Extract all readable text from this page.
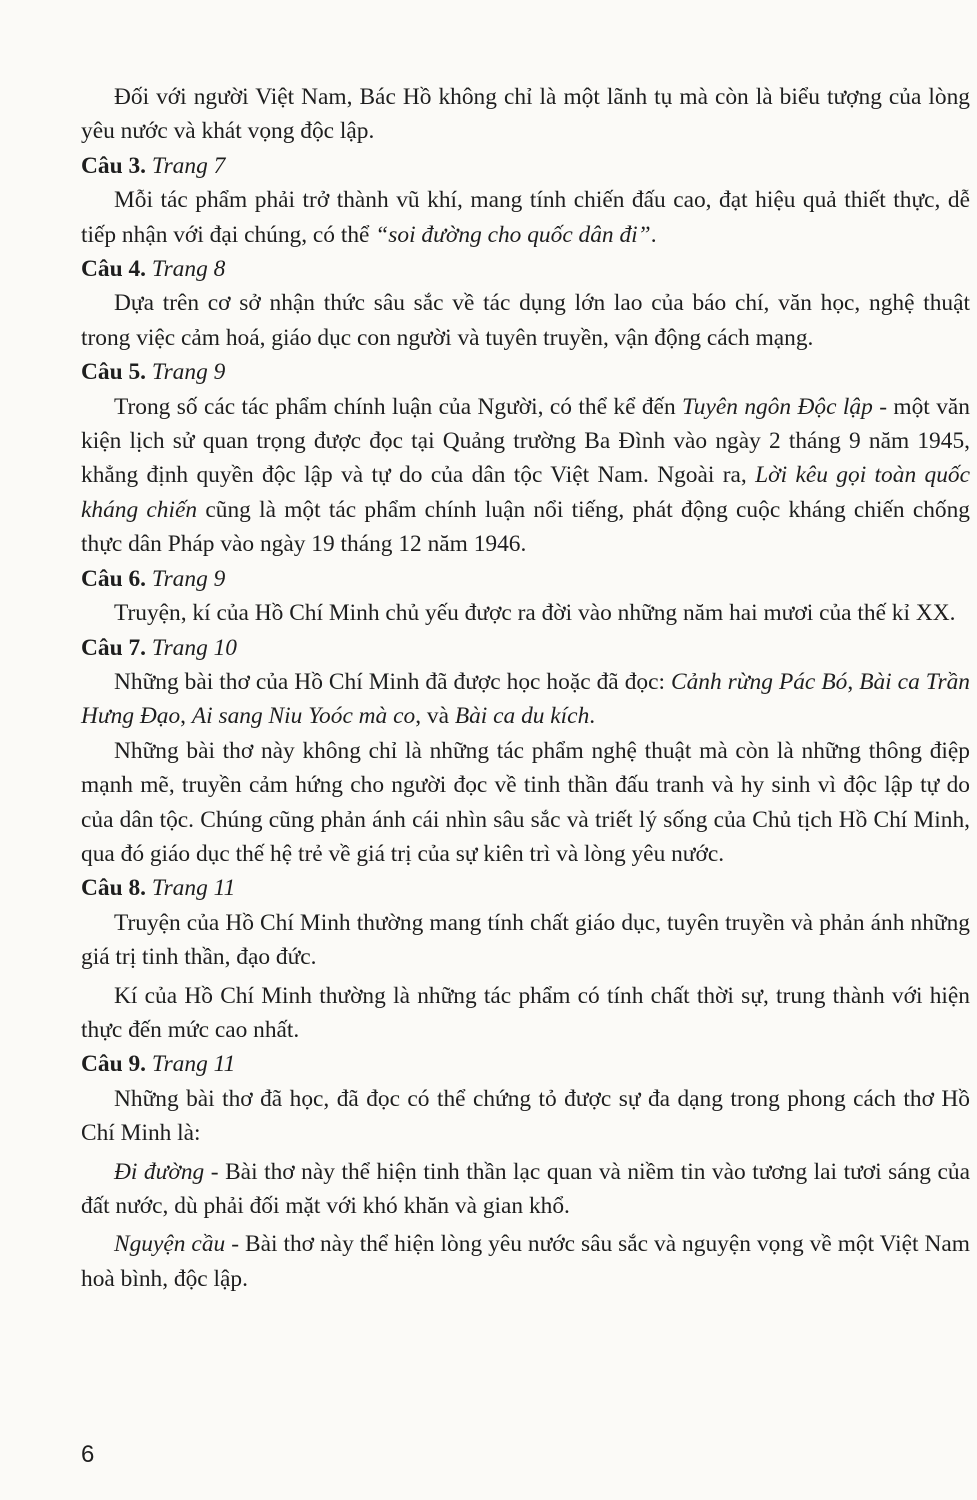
Đối với người Việt Nam, Bác Hồ không chỉ là một lãnh tụ mà còn là biểu tượng của lòng yêu nước và khát vọng độc lập.

Câu 3. Trang 7

Mỗi tác phẩm phải trở thành vũ khí, mang tính chiến đấu cao, đạt hiệu quả thiết thực, dễ tiếp nhận với đại chúng, có thể “soi đường cho quốc dân đi”.

Câu 4. Trang 8

Dựa trên cơ sở nhận thức sâu sắc về tác dụng lớn lao của báo chí, văn học, nghệ thuật trong việc cảm hoá, giáo dục con người và tuyên truyền, vận động cách mạng.

Câu 5. Trang 9

Trong số các tác phẩm chính luận của Người, có thể kể đến Tuyên ngôn Độc lập - một văn kiện lịch sử quan trọng được đọc tại Quảng trường Ba Đình vào ngày 2 tháng 9 năm 1945, khẳng định quyền độc lập và tự do của dân tộc Việt Nam. Ngoài ra, Lời kêu gọi toàn quốc kháng chiến cũng là một tác phẩm chính luận nổi tiếng, phát động cuộc kháng chiến chống thực dân Pháp vào ngày 19 tháng 12 năm 1946.

Câu 6. Trang 9

Truyện, kí của Hồ Chí Minh chủ yếu được ra đời vào những năm hai mươi của thế kỉ XX.

Câu 7. Trang 10

Những bài thơ của Hồ Chí Minh đã được học hoặc đã đọc: Cảnh rừng Pác Bó, Bài ca Trần Hưng Đạo, Ai sang Niu Yoóc mà co, và Bài ca du kích.

Những bài thơ này không chỉ là những tác phẩm nghệ thuật mà còn là những thông điệp mạnh mẽ, truyền cảm hứng cho người đọc về tinh thần đấu tranh và hy sinh vì độc lập tự do của dân tộc. Chúng cũng phản ánh cái nhìn sâu sắc và triết lý sống của Chủ tịch Hồ Chí Minh, qua đó giáo dục thế hệ trẻ về giá trị của sự kiên trì và lòng yêu nước.

Câu 8. Trang 11

Truyện của Hồ Chí Minh thường mang tính chất giáo dục, tuyên truyền và phản ánh những giá trị tinh thần, đạo đức.

Kí của Hồ Chí Minh thường là những tác phẩm có tính chất thời sự, trung thành với hiện thực đến mức cao nhất.

Câu 9. Trang 11

Những bài thơ đã học, đã đọc có thể chứng tỏ được sự đa dạng trong phong cách thơ Hồ Chí Minh là:

Đi đường - Bài thơ này thể hiện tinh thần lạc quan và niềm tin vào tương lai tươi sáng của đất nước, dù phải đối mặt với khó khăn và gian khổ.

Nguyện cầu - Bài thơ này thể hiện lòng yêu nước sâu sắc và nguyện vọng về một Việt Nam hoà bình, độc lập.

6
